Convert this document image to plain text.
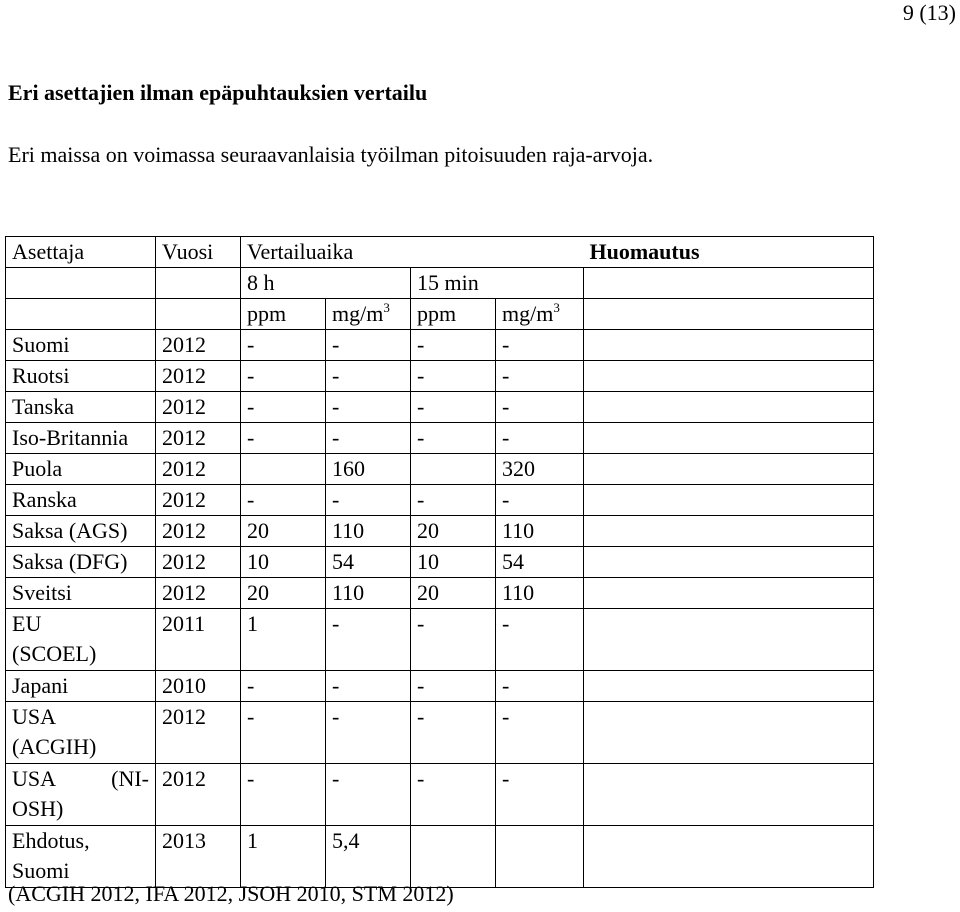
9 (13)
Eri asettajien ilman epäpuhtauksien vertailu

Eri maissa on voimassa seuraavanlaisia työilman pitoisuuden raja-arvoja.

Asettaja	Vuosi	Vertailuaika				Huomautus
		8 h		15 min		
		ppm	$mg/m^3$	ppm	$mg/m^3$	
Suomi	2012	-	-	-	-	
Ruotsi	2012	-	-	-	-	
Tanska	2012	-	-	-	-	
Iso-Britannia	2012	-	-	-	-	
Puola	2012		160		320	
Ranska	2012	-	-	-	-	
Saksa (AGS)	2012	20	110	20	110	
Saksa (DFG)	2012	10	54	10	54	
Sveitsi	2012	20	110	20	110	

EU
(SCOEL)	2011	1	-	-	-	
Japani	2010	-	-	-	-	

USA
(ACGIH)	2012	-	-	-	-	

USA (NI-
OSH)	2012	-	-	-	-	

Ehdotus,
Suomi	2013	1	5,4			

(ACGIH 2012, IFA 2012, JSOH 2010, STM 2012)
